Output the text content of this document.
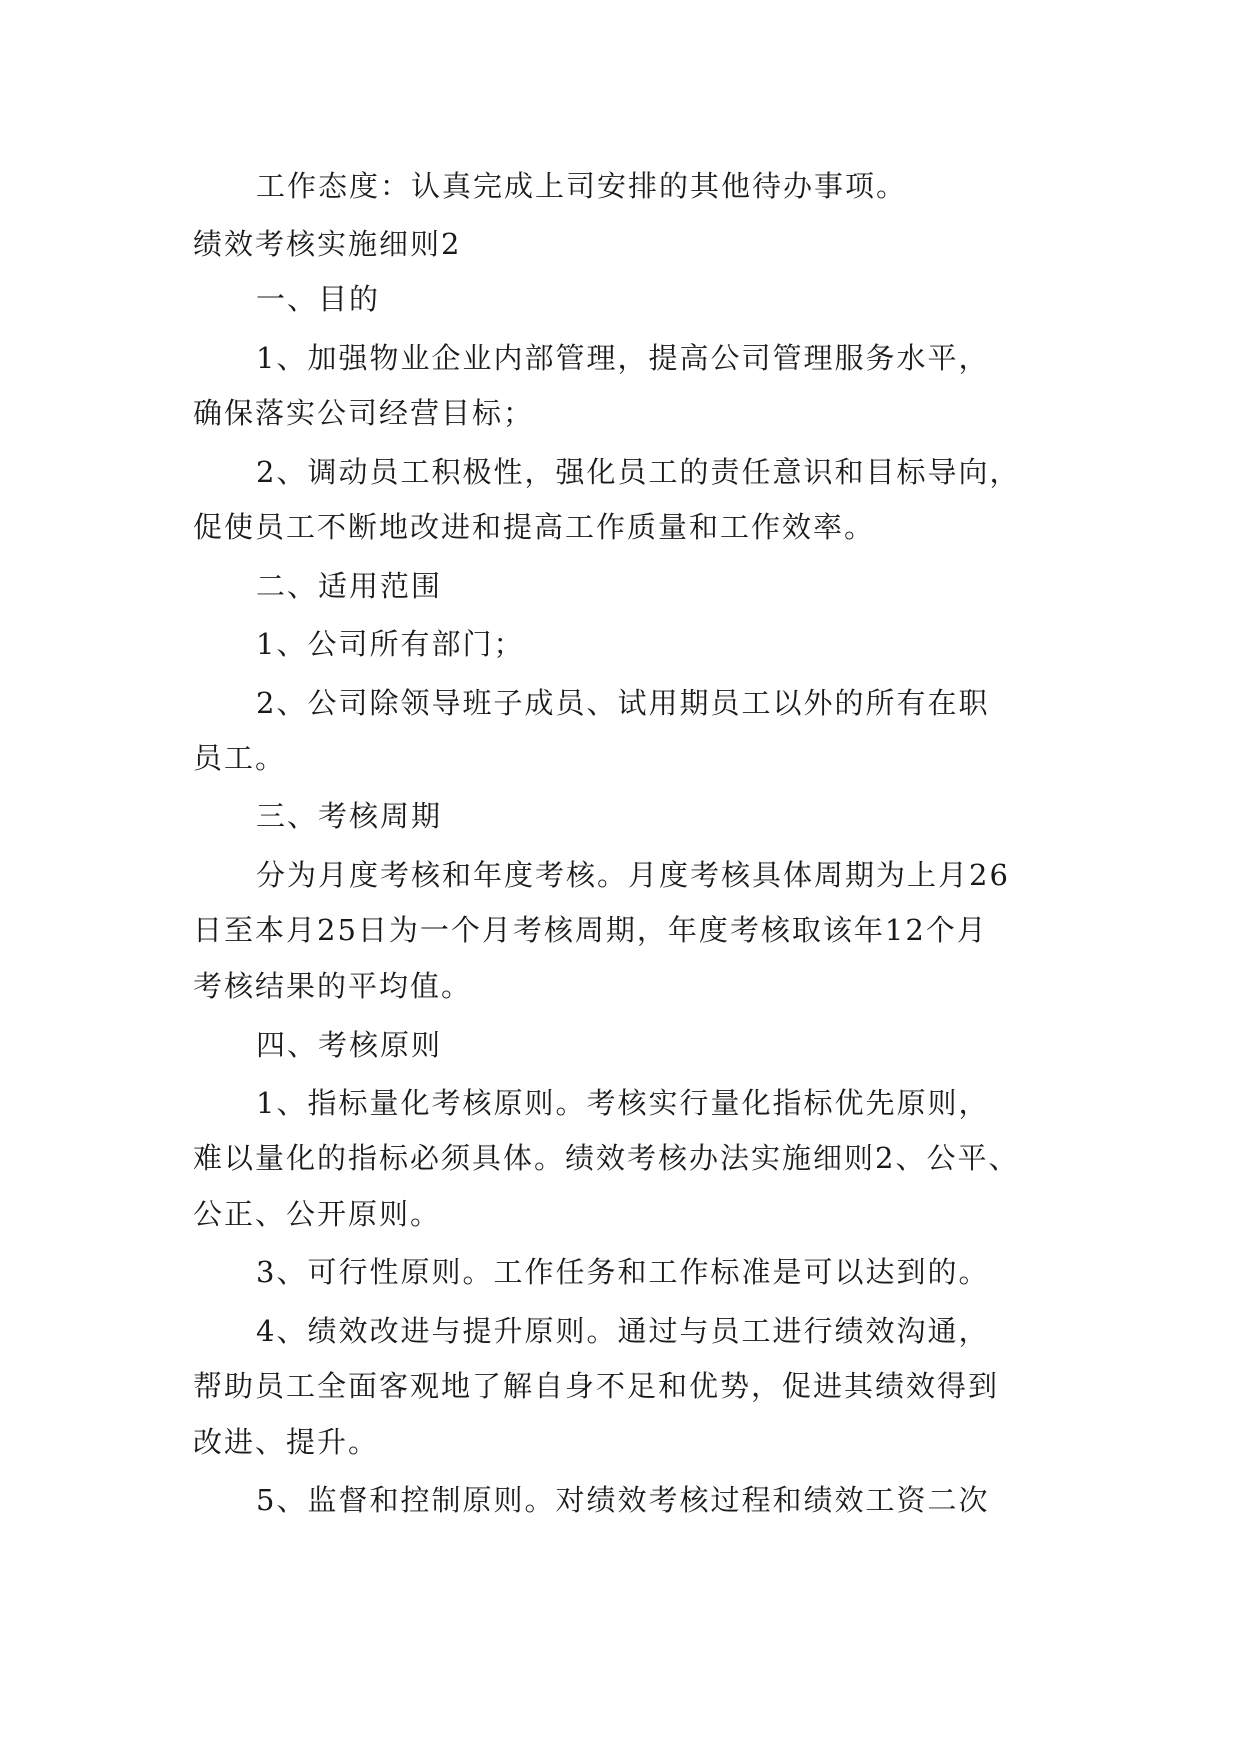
工作态度：认真完成上司安排的其他待办事项。
绩效考核实施细则2
一、目的
1、加强物业企业内部管理，提高公司管理服务水平，
确保落实公司经营目标；
2、调动员工积极性，强化员工的责任意识和目标导向，
促使员工不断地改进和提高工作质量和工作效率。
二、适用范围
1、公司所有部门；
2、公司除领导班子成员、试用期员工以外的所有在职
员工。
三、考核周期
分为月度考核和年度考核。月度考核具体周期为上月26
日至本月25日为一个月考核周期，年度考核取该年12个月
考核结果的平均值。
四、考核原则
1、指标量化考核原则。考核实行量化指标优先原则，
难以量化的指标必须具体。绩效考核办法实施细则2、公平、
公正、公开原则。
3、可行性原则。工作任务和工作标准是可以达到的。
4、绩效改进与提升原则。通过与员工进行绩效沟通，
帮助员工全面客观地了解自身不足和优势，促进其绩效得到
改进、提升。
5、监督和控制原则。对绩效考核过程和绩效工资二次
